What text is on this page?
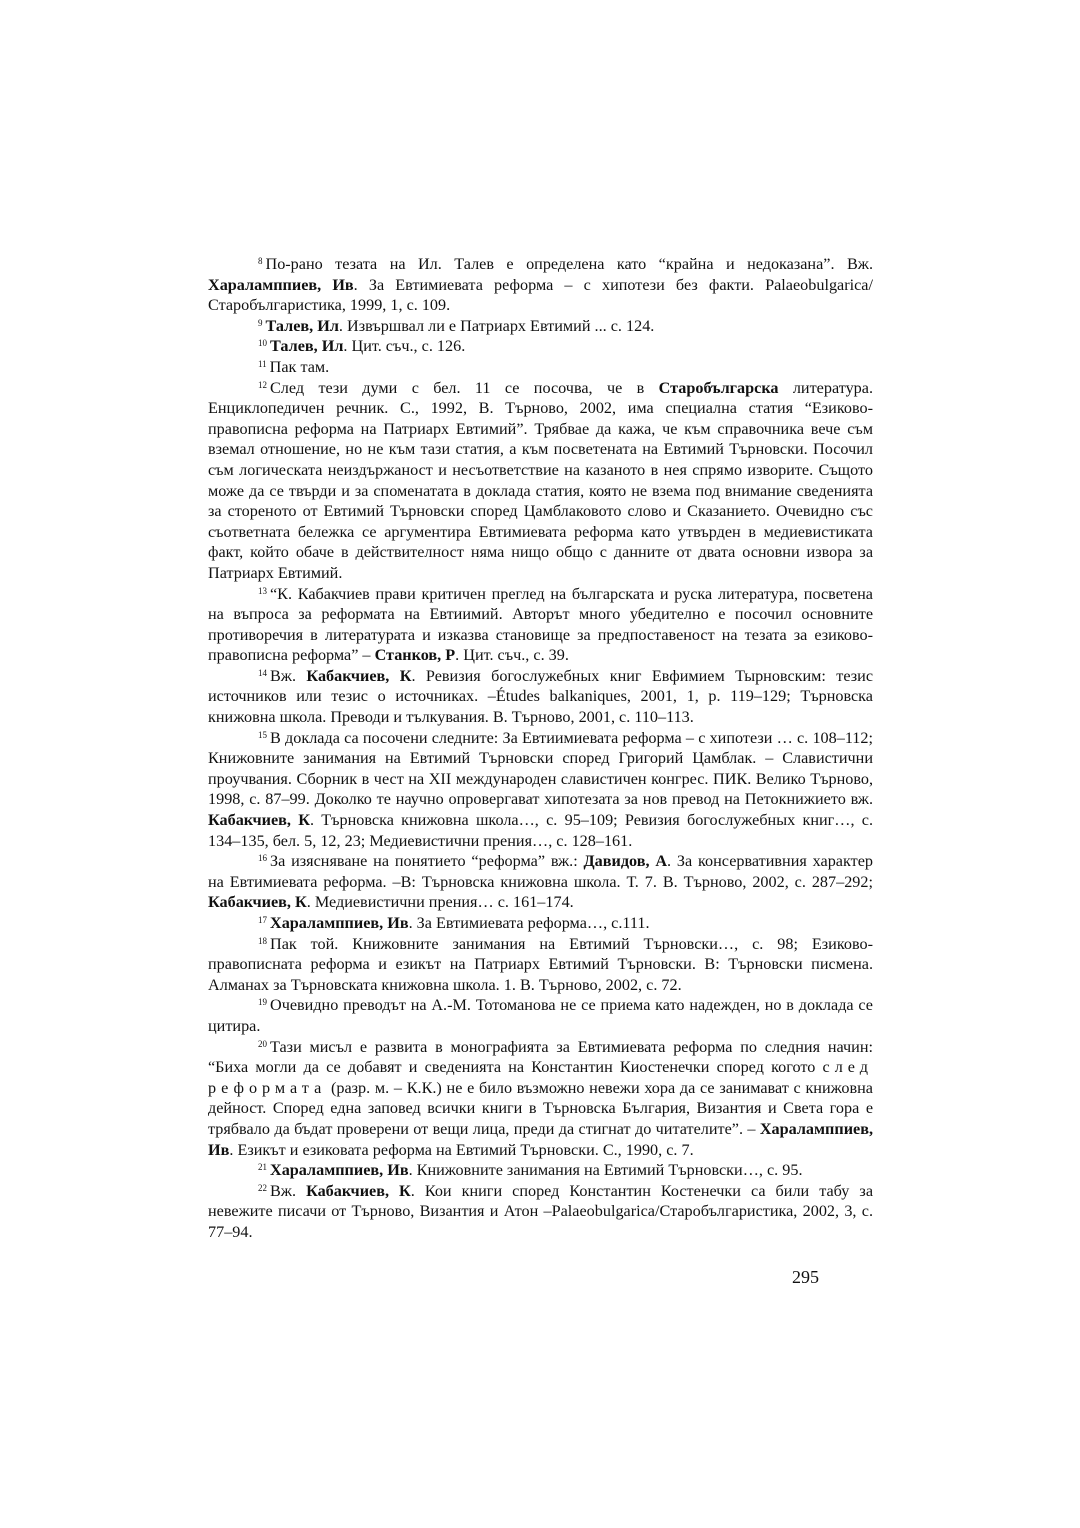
$^8$ По-рано тезата на Ил. Талев е определена като “крайна и недоказана”. Вж. Хараламппиев, Ив. За Евтимиевата реформа – с хипотези без факти. Palaeobulgarica/Старобългаристика, 1999, 1, с. 109.

$^9$ Талев, Ил. Извършвал ли е Патриарх Евтимий ... с. 124.

$^{10}$ Талев, Ил. Цит. съч., с. 126.

$^{11}$ Пак там.

$^{12}$ След тези думи с бел. 11 се посочва, че в Старобългарска литература. Енциклопедичен речник. С., 1992, В. Търново, 2002, има специална статия “Езиково-правописна реформа на Патриарх Евтимий”. Трябвае да кажа, че към справочника вече съм вземал отношение, но не към тази статия, а към посветената на Евтимий Търновски. Посочил съм логическата неиздържаност и несъответствие на казаното в нея спрямо изворите. Същото може да се твърди и за споменатата в доклада статия, която не взема под внимание сведенията за стореното от Евтимий Търновски според Цамблаковото слово и Сказанието. Очевидно със съответната бележка се аргументира Евтимиевата реформа като утвърден в медиевистиката факт, който обаче в действителност няма нищо общо с данните от двата основни извора за Патриарх Евтимий.

$^{13}$ “К. Кабакчиев прави критичен преглед на българската и руска литература, посветена на въпроса за реформата на Евтиимий. Авторът много убедително е посочил основните противоречия в литературата и изказва становище за предпоставеност на тезата за езиково-правописна реформа” – Станков, Р. Цит. съч., с. 39.

$^{14}$ Вж. Кабакчиев, К. Ревизия богослужебных книг Евфимием Тырновским: тезис источников или тезис о источниках. –Études balkaniques, 2001, 1, p. 119–129; Търновска книжовна школа. Преводи и тълкувания. В. Търново, 2001, с. 110–113.

$^{15}$ В доклада са посочени следните: За Евтиимиевата реформа – с хипотези … с. 108–112; Книжовните занимания на Евтимий Търновски според Григорий Цамблак. – Славистични проучвания. Сборник в чест на XII международен славистичен конгрес. ПИК. Велико Търново, 1998, с. 87–99. Доколко те научно опровергават хипотезата за нов превод на Петокнижието вж. Кабакчиев, К. Търновска книжовна школа…, с. 95–109; Ревизия богослужебных книг…, с. 134–135, бел. 5, 12, 23; Медиевистични прения…, с. 128–161.

$^{16}$ За изясняване на понятието “реформа” вж.: Давидов, А. За консервативния характер на Евтимиевата реформа. –В: Търновска книжовна школа. Т. 7. В. Търново, 2002, с. 287–292; Кабакчиев, К. Медиевистични прения… с. 161–174.

$^{17}$ Хараламппиев, Ив. За Евтимиевата реформа…, с.111.

$^{18}$ Пак той. Книжовните занимания на Евтимий Търновски…, с. 98; Езиково-правописната реформа и езикът на Патриарх Евтимий Търновски. В: Търновски писмена. Алманах за Търновската книжовна школа. 1. В. Търново, 2002, с. 72.

$^{19}$ Очевидно преводът на А.-М. Тотоманова не се приема като надежден, но в доклада се цитира.

$^{20}$ Тази мисъл е развита в монографията за Евтимиевата реформа по следния начин: “Биха могли да се добавят и сведенията на Константин Киостенечки според когото след реформата (разр. м. – К.К.) не е било възможно невежи хора да се занимават с книжовна дейност. Според една заповед всички книги в Търновска България, Византия и Света гора е трябвало да бъдат проверени от вещи лица, преди да стигнат до читателите”. – Хараламппиев, Ив. Езикът и езиковата реформа на Евтимий Търновски. С., 1990, с. 7.

$^{21}$ Хараламппиев, Ив. Книжовните занимания на Евтимий Търновски…, с. 95.

$^{22}$ Вж. Кабакчиев, К. Кои книги според Константин Костенечки са били табу за невежите писачи от Търново, Византия и Атон –Palaeobulgarica/Старобългаристика, 2002, 3, с. 77–94.

295
